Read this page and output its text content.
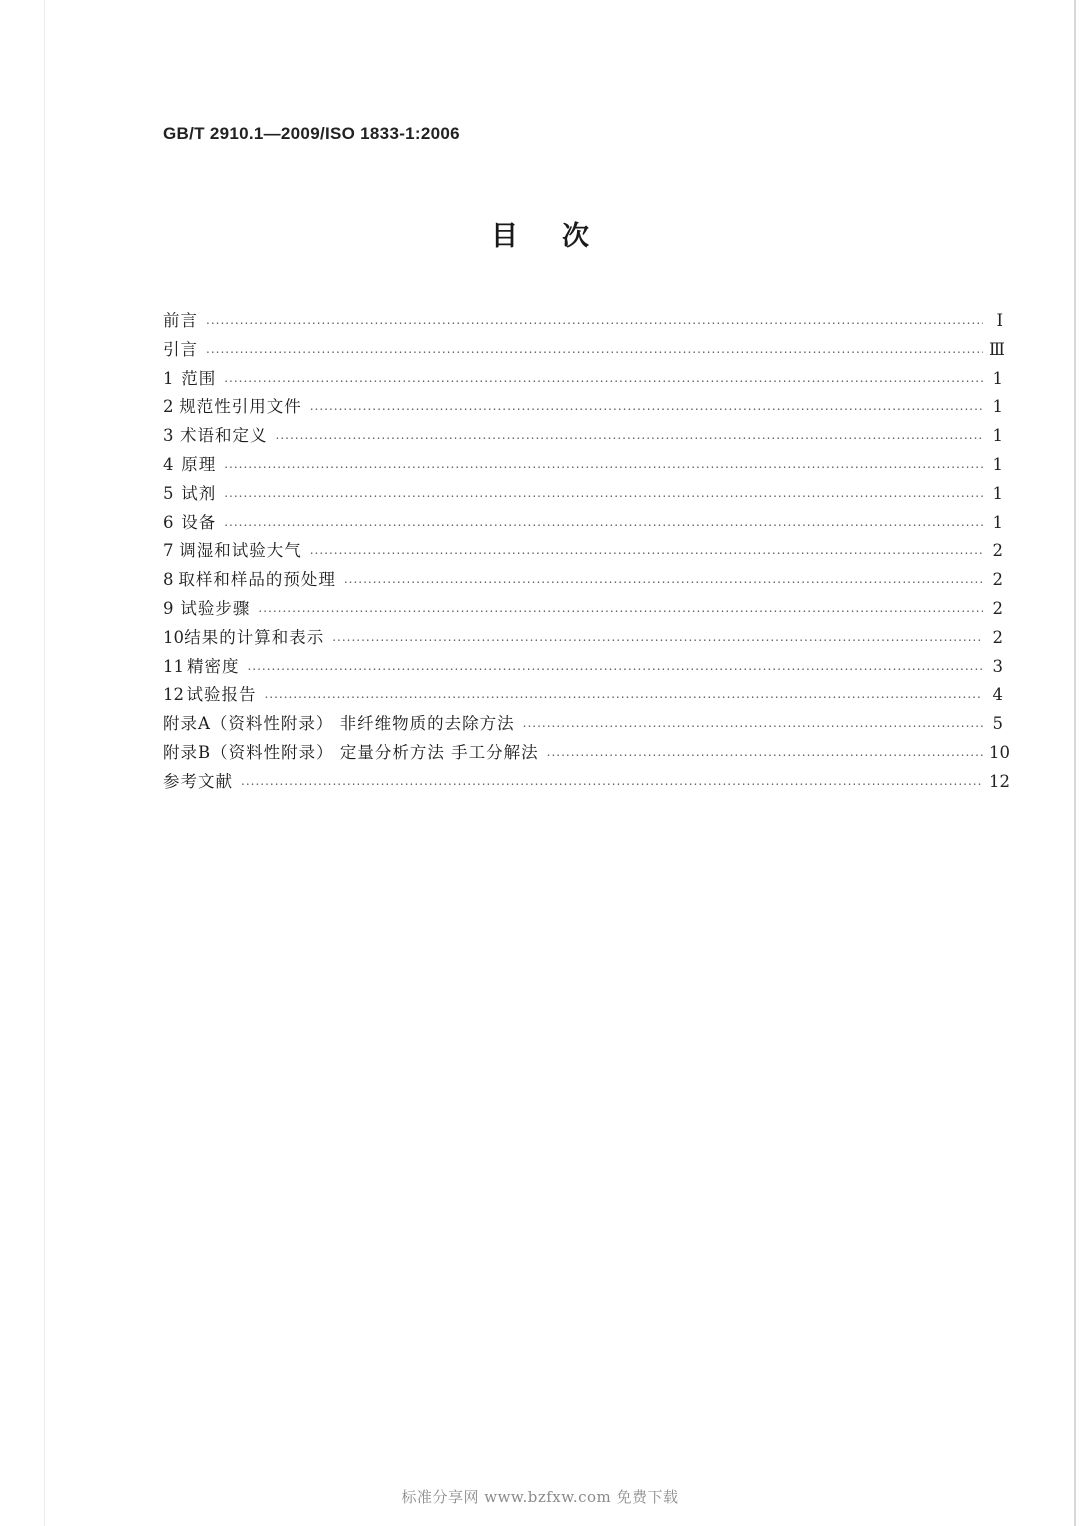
GB/T 2910.1—2009/ISO 1833-1:2006
目次
前言 .....	Ⅰ
引言 .....	Ⅲ
1 范围 .....	1
2 规范性引用文件 .....	1
3 术语和定义 .....	1
4 原理 .....	1
5 试剂 .....	1
6 设备 .....	1
7 调湿和试验大气 .....	2
8 取样和样品的预处理 .....	2
9 试验步骤 .....	2
10 结果的计算和表示 .....	2
11 精密度 .....	3
12 试验报告 .....	4
附录A（资料性附录） 非纤维物质的去除方法 .....	5
附录B（资料性附录） 定量分析方法 手工分解法 .....	10
参考文献 .....	12
标准分享网 www.bzfxw.com 免费下载
